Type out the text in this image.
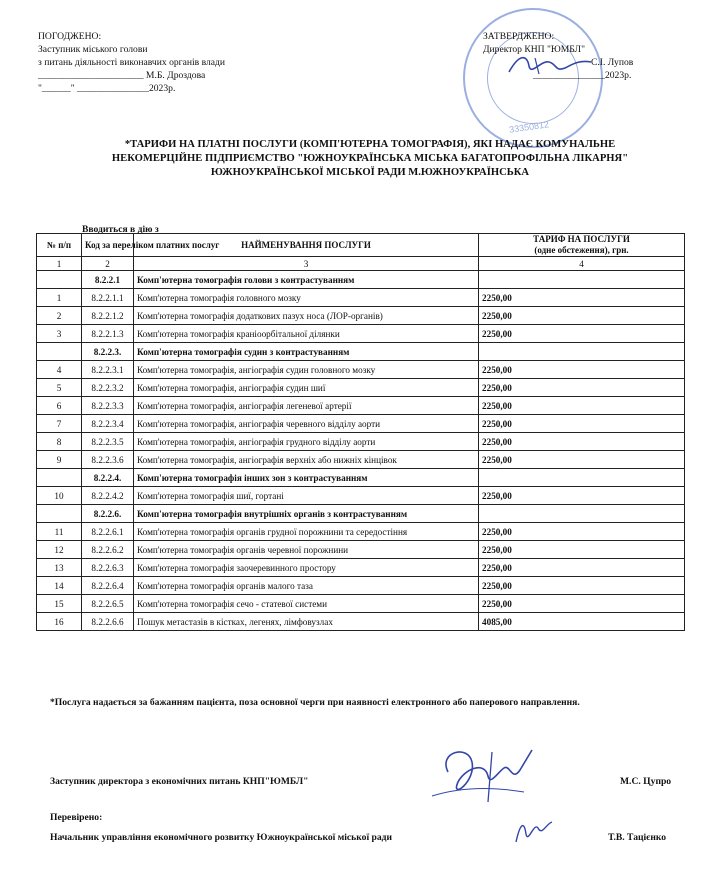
ПОГОДЖЕНО:
Заступник міського голови
з питань діяльності виконавчих органів влади
______________________ М.Б. Дроздова
"______" _______________2023р.
33350812
ЗАТВЕРДЖЕНО:
Директор КНП "ЮМБЛ"
С.І. Лупов
_______________2023р.
*ТАРИФИ НА ПЛАТНІ ПОСЛУГИ (КОМП'ЮТЕРНА ТОМОГРАФІЯ), ЯКІ НАДАЄ КОМУНАЛЬНЕ
НЕКОМЕРЦІЙНЕ ПІДПРИЄМСТВО "ЮЖНОУКРАЇНСЬКА МІСЬКА БАГАТОПРОФІЛЬНА ЛІКАРНЯ"
ЮЖНОУКРАЇНСЬКОЇ МІСЬКОЇ РАДИ М.ЮЖНОУКРАЇНСЬКА
Вводиться в дію з
№ п/п	Код за переліком платних послуг	НАЙМЕНУВАННЯ ПОСЛУГИ	ТАРИФ НА ПОСЛУГИ
(одне обстеження), грн.

1	2	3	4
	8.2.2.1	Комп'ютерна томографія голови з контрастуванням	
1	8.2.2.1.1	Комп'ютерна томографія головного мозку	2250,00
2	8.2.2.1.2	Комп'ютерна томографія додаткових пазух носа (ЛОР-органів)	2250,00
3	8.2.2.1.3	Комп'ютерна томографія краніоорбітальної ділянки	2250,00
	8.2.2.3.	Комп'ютерна томографія судин з контрастуванням	
4	8.2.2.3.1	Комп'ютерна томографія, ангіографія судин головного мозку	2250,00
5	8.2.2.3.2	Комп'ютерна томографія, ангіографія судин шиї	2250,00
6	8.2.2.3.3	Комп'ютерна томографія, ангіографія легеневої артерії	2250,00
7	8.2.2.3.4	Комп'ютерна томографія, ангіографія черевного відділу аорти	2250,00
8	8.2.2.3.5	Комп'ютерна томографія, ангіографія грудного відділу аорти	2250,00
9	8.2.2.3.6	Комп'ютерна томографія, ангіографія верхніх або нижніх кінцівок	2250,00
	8.2.2.4.	Комп'ютерна томографія інших зон з контрастуванням	
10	8.2.2.4.2	Комп'ютерна томографія шиї, гортані	2250,00
	8.2.2.6.	Комп'ютерна томографія внутрішніх органів з контрастуванням	
11	8.2.2.6.1	Комп'ютерна томографія органів грудної порожнини та середостіння	2250,00
12	8.2.2.6.2	Комп'ютерна томографія органів черевної порожнини	2250,00
13	8.2.2.6.3	Комп'ютерна томографія заочеревинного простору	2250,00
14	8.2.2.6.4	Комп'ютерна томографія органів малого таза	2250,00
15	8.2.2.6.5	Комп'ютерна томографія сечо - статевої системи	2250,00
16	8.2.2.6.6	Пошук метастазів в кістках, легенях, лімфовузлах	4085,00
*Послуга надається за бажанням пацієнта, поза основної черги при наявності електронного або паперового направлення.
Заступник директора з економічних питань КНП"ЮМБЛ"	М.С. Цупро
Перевірено:
Начальник управління економічного розвитку Южноукраїнської міської ради	Т.В. Тацієнко
